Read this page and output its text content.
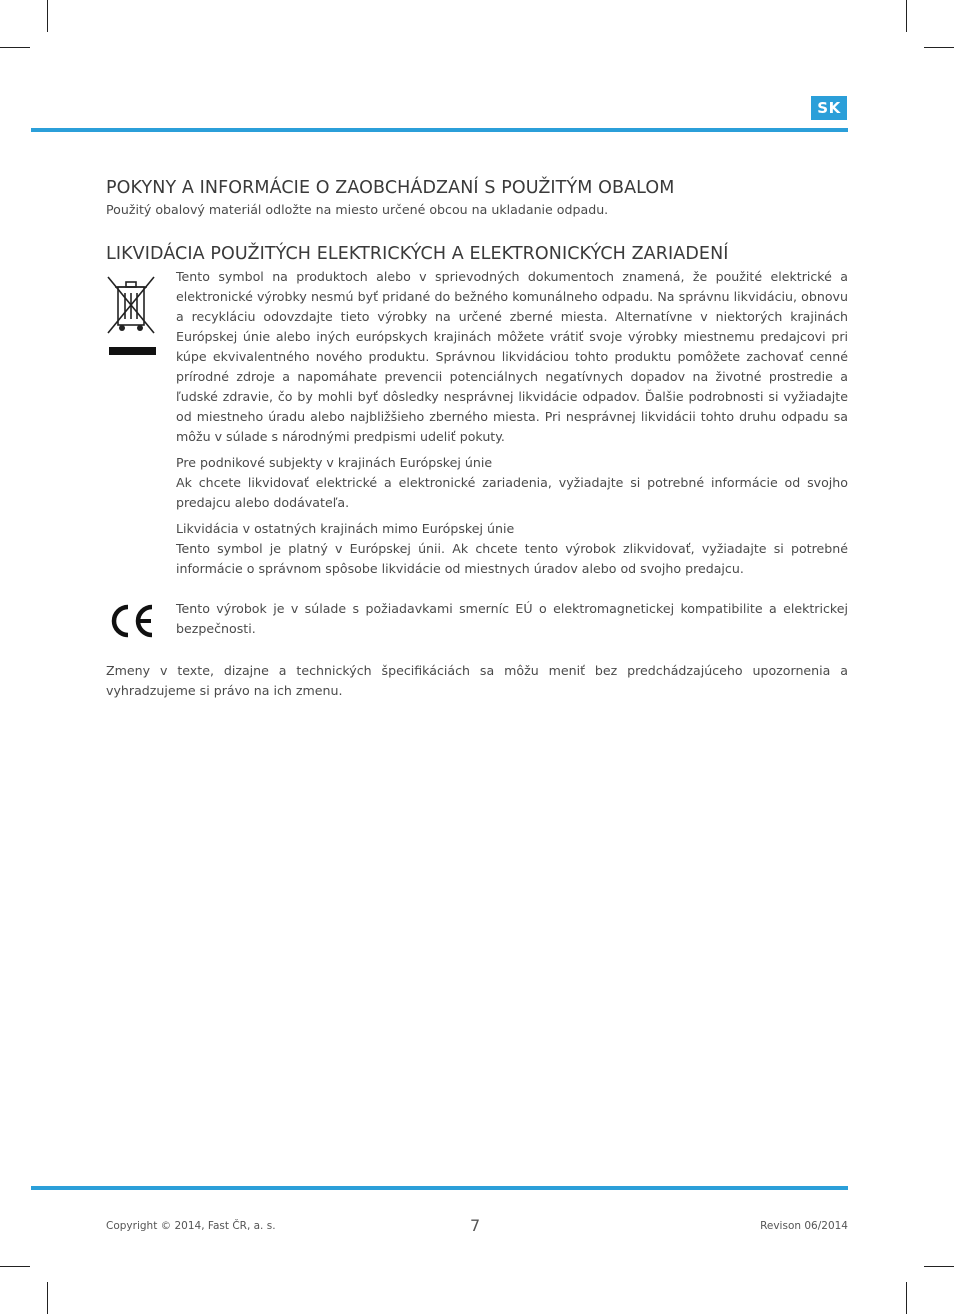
SK
POKYNY A INFORMÁCIE O ZAOBCHÁDZANÍ S POUŽITÝM OBALOM

Použitý obalový materiál odložte na miesto určené obcou na ukladanie odpadu.

LIKVIDÁCIA POUŽITÝCH ELEKTRICKÝCH A ELEKTRONICKÝCH ZARIADENÍ

Tento symbol na produktoch alebo v sprievodných dokumentoch znamená, že použité elektrické a elektronické výrobky nesmú byť pridané do bežného komunálneho odpadu. Na správnu likvidáciu, obnovu a recykláciu odovzdajte tieto výrobky na určené zberné miesta. Alternatívne v niektorých krajinách Európskej únie alebo iných európskych krajinách môžete vrátiť svoje výrobky miestnemu predajcovi pri kúpe ekvivalentného nového produktu. Správnou likvidáciou tohto produktu pomôžete zachovať cenné prírodné zdroje a napomáhate prevencii potenciálnych negatívnych dopadov na životné prostredie a ľudské zdravie, čo by mohli byť dôsledky nesprávnej likvidácie odpadov. Ďalšie podrobnosti si vyžiadajte od miestneho úradu alebo najbližšieho zberného miesta. Pri nesprávnej likvidácii tohto druhu odpadu sa môžu v súlade s národnými predpismi udeliť pokuty.

Pre podnikové subjekty v krajinách Európskej únie

Ak chcete likvidovať elektrické a elektronické zariadenia, vyžiadajte si potrebné informácie od svojho predajcu alebo dodávateľa.

Likvidácia v ostatných krajinách mimo Európskej únie

Tento symbol je platný v Európskej únii. Ak chcete tento výrobok zlikvidovať, vyžiadajte si potrebné informácie o správnom spôsobe likvidácie od miestnych úradov alebo od svojho predajcu.

Tento výrobok je v súlade s požiadavkami smerníc EÚ o elektromagnetickej kompatibilite a elektrickej bezpečnosti.

Zmeny v texte, dizajne a technických špecifikáciách sa môžu meniť bez predchádzajúceho upozornenia a vyhradzujeme si právo na ich zmenu.

Copyright © 2014, Fast ČR, a. s.	7	Revison 06/2014
